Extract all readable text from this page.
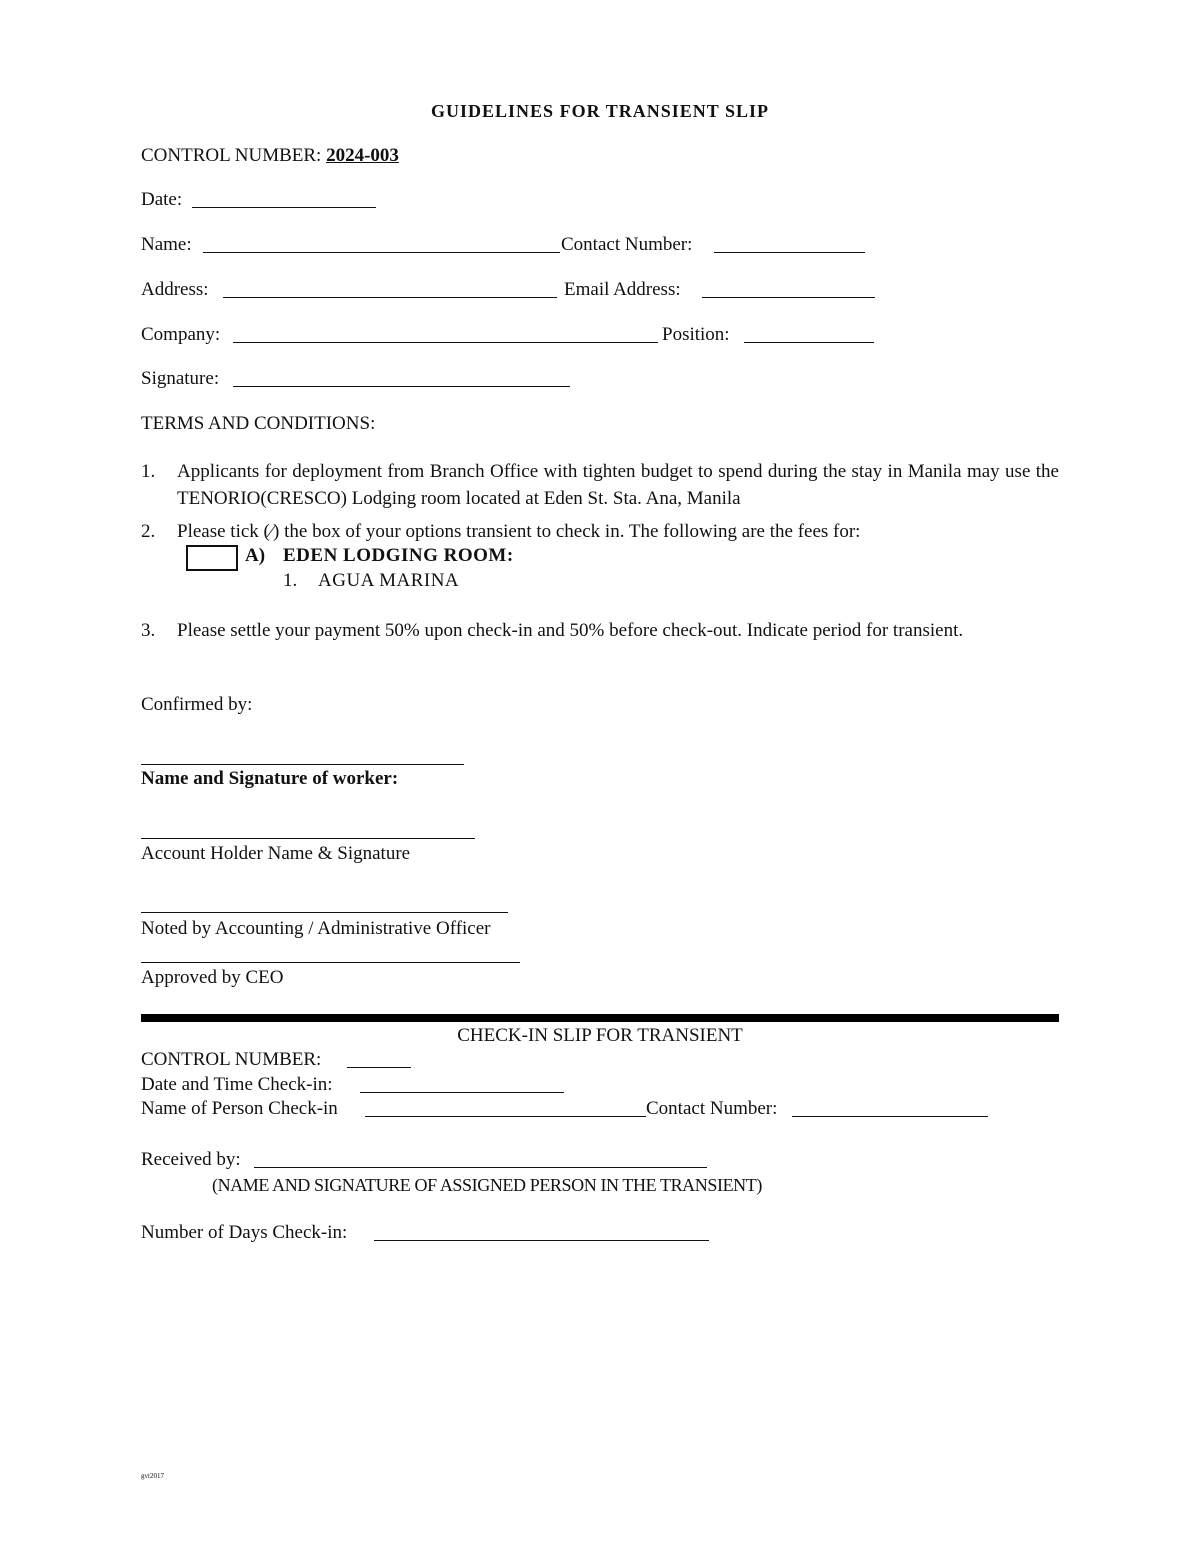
GUIDELINES FOR TRANSIENT SLIP
CONTROL NUMBER: 2024-003
Date:
Name:	Contact Number:
Address:	Email Address:
Company:	Position:
Signature:
TERMS AND CONDITIONS:
1. Applicants for deployment from Branch Office with tighten budget to spend during the stay in Manila may use the TENORIO(CRESCO) Lodging room located at Eden St. Sta. Ana, Manila
2. Please tick (∕) the box of your options transient to check in. The following are the fees for:
A) EDEN LODGING ROOM:
1. AGUA MARINA
3. Please settle your payment 50% upon check-in and 50% before check-out. Indicate period for transient.
Confirmed by:
Name and Signature of worker:
Account Holder Name & Signature
Noted by Accounting / Administrative Officer
Approved by CEO
CHECK-IN SLIP FOR TRANSIENT
CONTROL NUMBER:
Date and Time Check-in:
Name of Person Check-in	Contact Number:
Received by:
(NAME AND SIGNATURE OF ASSIGNED PERSON IN THE TRANSIENT)
Number of Days Check-in:
gvt2017
